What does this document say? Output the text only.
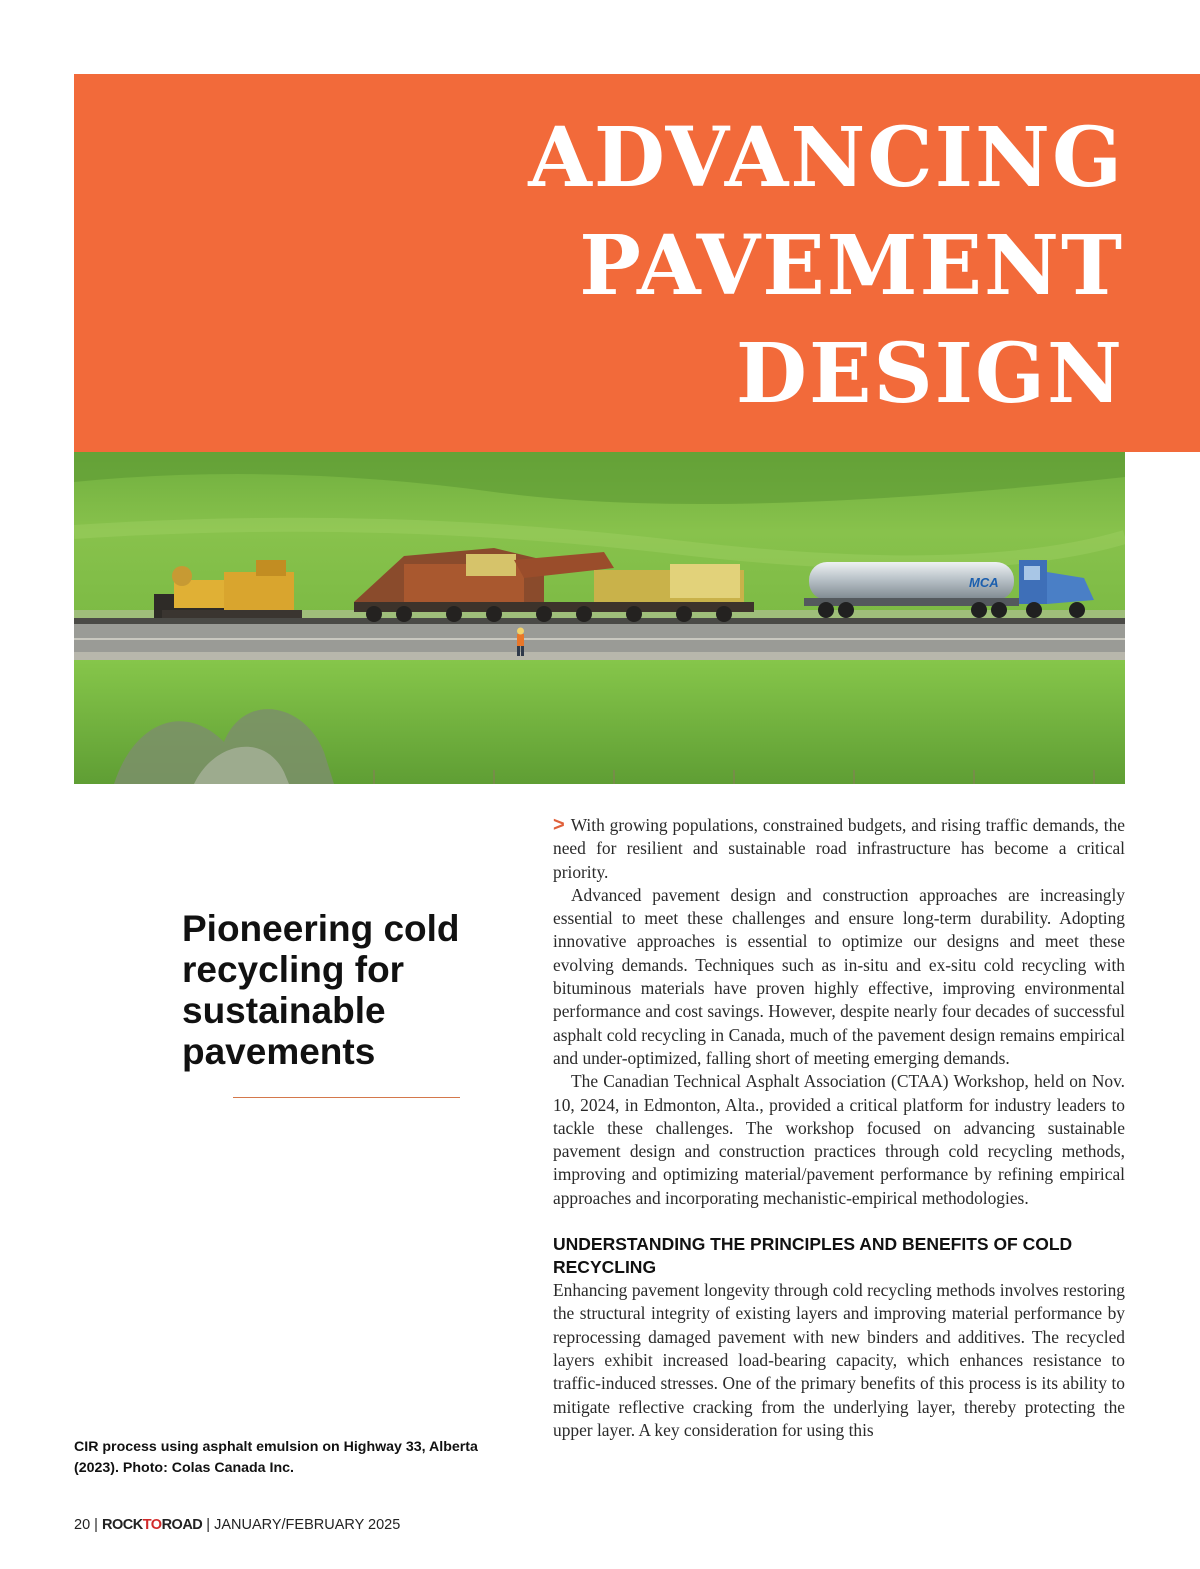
ADVANCING
PAVEMENT
DESIGN
MCA
Pioneering cold recycling for sustainable pavements

> With growing populations, constrained budgets, and rising traffic demands, the need for resilient and sustainable road infrastructure has become a critical priority.

Advanced pavement design and construction approaches are increasingly essential to meet these challenges and ensure long-term durability. Adopting innovative approaches is essential to optimize our designs and meet these evolving demands. Techniques such as in-situ and ex-situ cold recycling with bituminous materials have proven highly effective, improving environmental performance and cost savings. However, despite nearly four decades of successful asphalt cold recycling in Canada, much of the pavement design remains empirical and under-optimized, falling short of meeting emerging demands.

The Canadian Technical Asphalt Association (CTAA) Workshop, held on Nov. 10, 2024, in Edmonton, Alta., provided a critical platform for industry leaders to tackle these challenges. The workshop focused on advancing sustainable pavement design and construction practices through cold recycling methods, improving and optimizing material/pavement performance by refining empirical approaches and incorporating mechanistic-empirical methodologies.

UNDERSTANDING THE PRINCIPLES AND BENEFITS OF COLD RECYCLING

Enhancing pavement longevity through cold recycling methods involves restoring the structural integrity of existing layers and improving material performance by reprocessing damaged pavement with new binders and additives. The recycled layers exhibit increased load-bearing capacity, which enhances resistance to traffic-induced stresses. One of the primary benefits of this process is its ability to mitigate reflective cracking from the underlying layer, thereby protecting the upper layer. A key consideration for using this

CIR process using asphalt emulsion on Highway 33, Alberta (2023). Photo: Colas Canada Inc.

20 | ROCKTOROAD | JANUARY/FEBRUARY 2025
